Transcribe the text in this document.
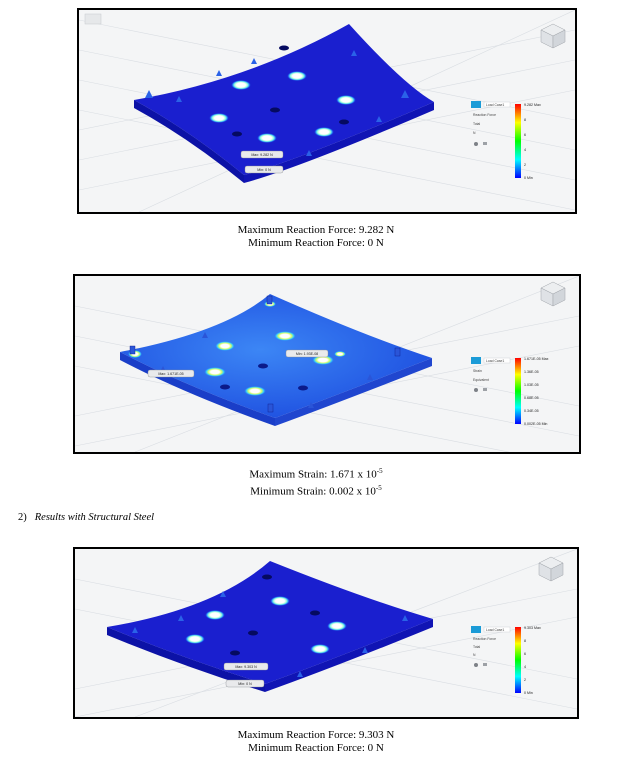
Max: 9.282 N
Min: 0 N
Load Case1
Reaction Force
Total
N
9.282 Max
8
6
4
2
0 Min
Maximum Reaction Force: 9.282 N
Minimum Reaction Force: 0 N
Max: 1.671E-05
Min: 1.93E-08
Load Case1
Strain
Equivalent
1.671E-05 Max
1.36E-05
1.03E-05
0.68E-05
0.34E-05
0.002E-05 Min
Maximum Strain: 1.671 x $10^{-5}$
Minimum Strain: 0.002 x $10^{-5}$
2) Results with Structural Steel
Max: 9.303 N
Min: 0 N
Load Case1
Reaction Force
Total
N
9.303 Max
8
6
4
2
0 Min
Maximum Reaction Force: 9.303 N
Minimum Reaction Force: 0 N
